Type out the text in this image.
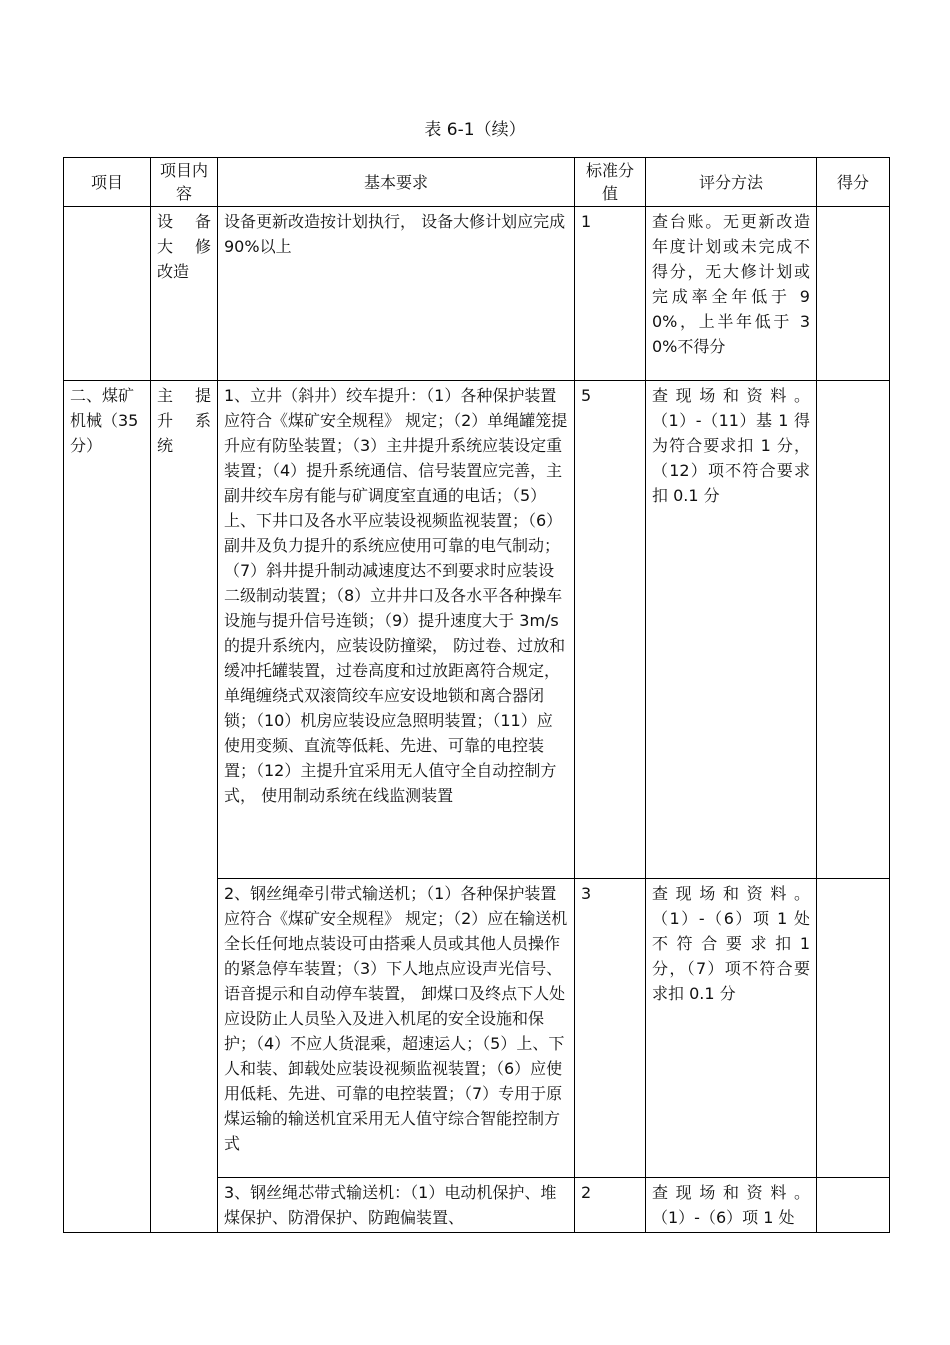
表 6-1（续）
项目	项目内容	基本要求	标准分值	评分方法	得分
	设 备 大 修 改造	设备更新改造按计划执行， 设备大修计划应完成 90%以上	1	查台账。无更新改造年度计划或未完成不得分，无大修计划或完成率全年低于 90%，上半年低于 30%不得分	
二、煤矿机械（35分）	主 提 升 系 统	1、立井（斜井）绞车提升：（1）各种保护装置应符合《煤矿安全规程》 规定；（2）单绳罐笼提升应有防坠装置；（3）主井提升系统应装设定重装置；（4）提升系统通信、信号装置应完善，主副井绞车房有能与矿调度室直通的电话；（5）上、下井口及各水平应装设视频监视装置；（6）副井及负力提升的系统应使用可靠的电气制动；（7）斜井提升制动减速度达不到要求时应装设二级制动装置；（8）立井井口及各水平各种操车设施与提升信号连锁；（9）提升速度大于 3m/s 的提升系统内，应装设防撞梁， 防过卷、过放和缓冲托罐装置，过卷高度和过放距离符合规定，单绳缠绕式双滚筒绞车应安设地锁和离合器闭锁；（10）机房应装设应急照明装置；（11）应使用变频、直流等低耗、先进、可靠的电控装置；（12）主提升宜采用无人值守全自动控制方式， 使用制动系统在线监测装置	5	查 现 场 和 资 料 。（1）-（11）基 1 得为符合要求扣 1 分，（12）项不符合要求扣 0.1 分	
		2、钢丝绳牵引带式输送机；（1）各种保护装置应符合《煤矿安全规程》 规定；（2）应在输送机全长任何地点装设可由搭乘人员或其他人员操作的紧急停车装置；（3）下人地点应设声光信号、语音提示和自动停车装置， 卸煤口及终点下人处应设防止人员坠入及进入机尾的安全设施和保护；（4）不应人货混乘，超速运人；（5）上、下人和装、卸载处应装设视频监视装置；（6）应使用低耗、先进、可靠的电控装置；（7）专用于原煤运输的输送机宜采用无人值守综合智能控制方式	3	查 现 场 和 资 料 。（1）-（6）项 1 处 不 符 合 要 求 扣 1 分，（7）项不符合要求扣 0.1 分	
		3、钢丝绳芯带式输送机：（1）电动机保护、堆煤保护、防滑保护、防跑偏装置、	2	查 现 场 和 资 料 。（1）-（6）项 1 处	
